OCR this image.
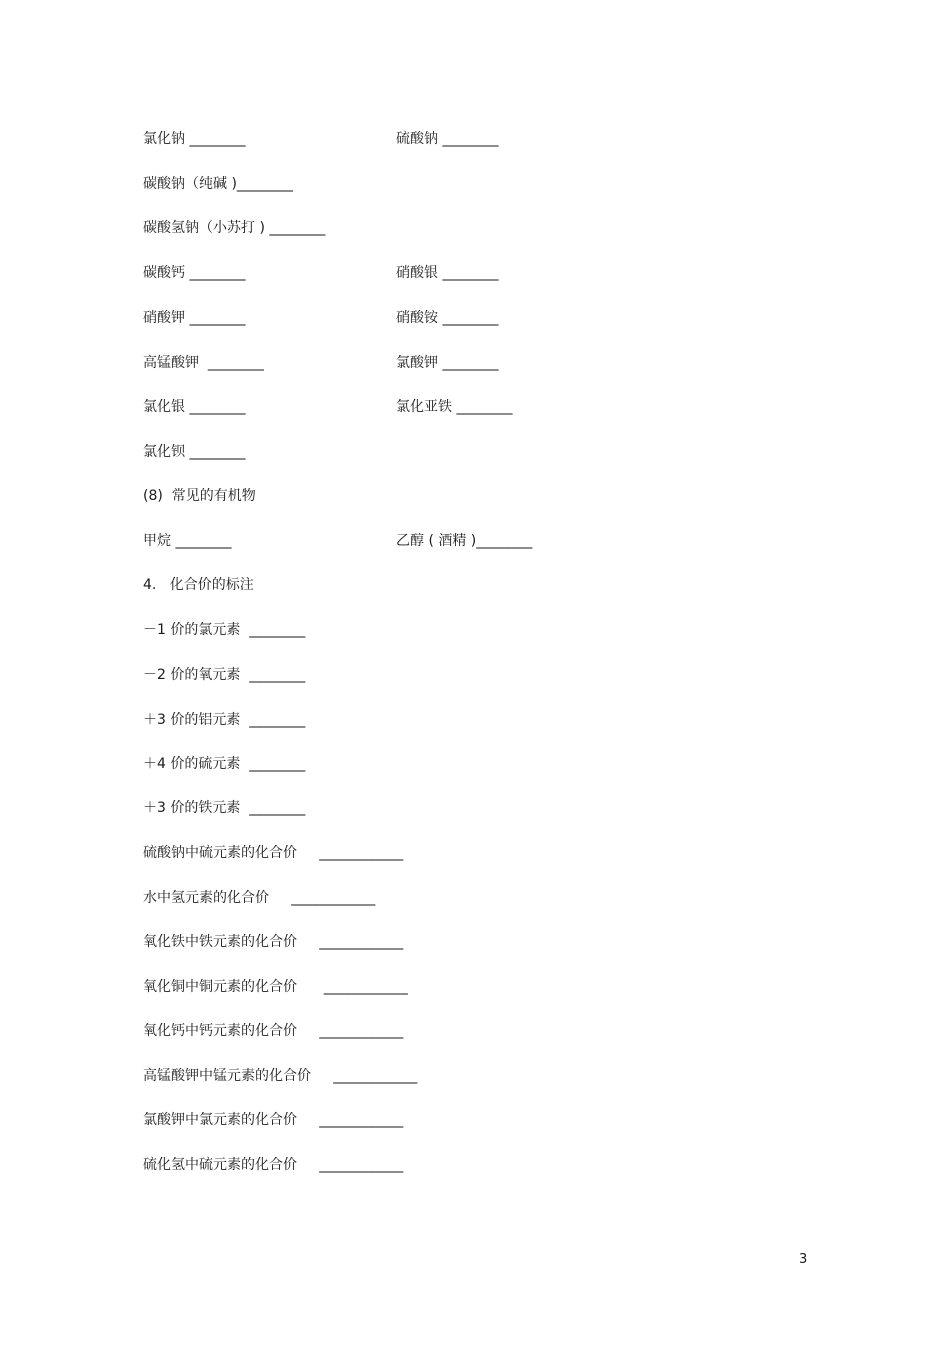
氯化钠 ________	硫酸钠 ________
碳酸钠（纯碱 )________
碳酸氢钠（小苏打 ) ________
碳酸钙 ________	硝酸银 ________
硝酸钾 ________	硝酸铵 ________
高锰酸钾  ________	氯酸钾 ________
氯化银 ________	氯化亚铁 ________
氯化钡 ________
(8)  常见的有机物
甲烷 ________	乙醇 ( 酒精 )________
4.   化合价的标注
－1 价的氯元素  ________
－2 价的氧元素  ________
＋3 价的铝元素  ________
＋4 价的硫元素  ________
＋3 价的铁元素  ________
硫酸钠中硫元素的化合价     ____________
水中氢元素的化合价     ____________
氧化铁中铁元素的化合价     ____________
氧化铜中铜元素的化合价      ____________
氧化钙中钙元素的化合价     ____________
高锰酸钾中锰元素的化合价     ____________
氯酸钾中氯元素的化合价     ____________
硫化氢中硫元素的化合价     ____________
3
